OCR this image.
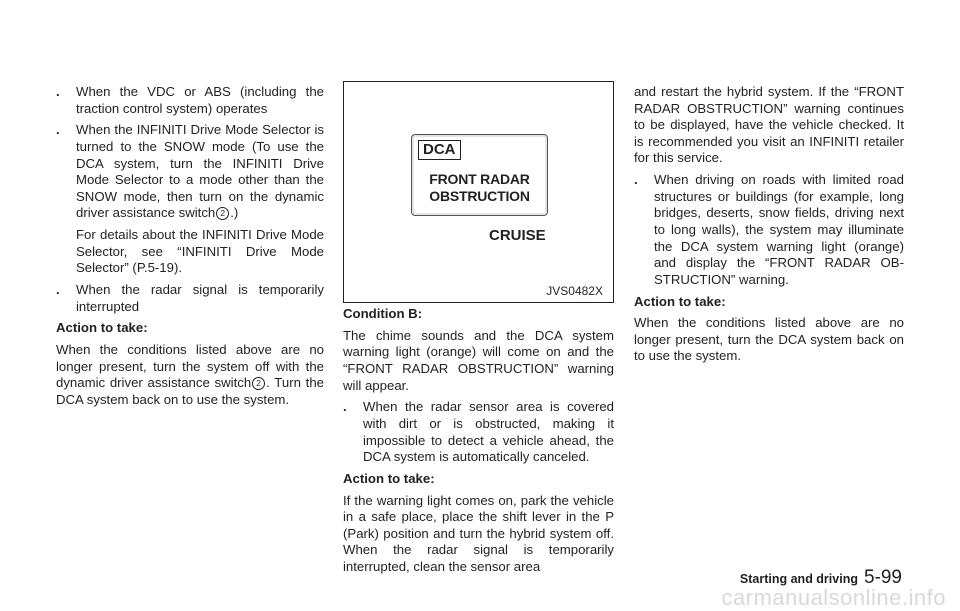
. When the VDC or ABS (including the traction control system) operates
. When the INFINITI Drive Mode Selector is turned to the SNOW mode (To use the DCA system, turn the INFINITI Drive Mode Selector to a mode other than the SNOW mode, then turn on the dynamic driver assistance switch 2 .)

For details about the INFINITI Drive Mode Selector, see “INFINITI Drive Mode Selector” (P.5-19).

. When the radar signal is temporarily interrupted
Action to take:

When the conditions listed above are no longer present, turn the system off with the dynamic driver assistance switch 2 . Turn the DCA system back on to use the system.

DCA
FRONT RADAR OBSTRUCTION
CRUISE
JVS0482X
Condition B:

The chime sounds and the DCA system warning light (orange) will come on and the “FRONT RADAR OBSTRUCTION” warning will appear.

. When the radar sensor area is covered with dirt or is obstructed, making it impossible to detect a vehicle ahead, the DCA system is automatically canceled.
Action to take:

If the warning light comes on, park the vehicle in a safe place, place the shift lever in the P (Park) position and turn the hybrid system off. When the radar signal is temporarily interrupted, clean the sensor area

and restart the hybrid system. If the “FRONT RADAR OBSTRUCTION” warning continues to be displayed, have the vehicle checked. It is recommended you visit an INFINITI retailer for this service.

. When driving on roads with limited road structures or buildings (for example, long bridges, deserts, snow fields, driving next to long walls), the system may illuminate the DCA system warning light (orange) and display the “FRONT RADAR OBSTRUCTION” warning.
Action to take:

When the conditions listed above are no longer present, turn the DCA system back on to use the system.

Starting and driving 5-99
carmanualsonline.info
